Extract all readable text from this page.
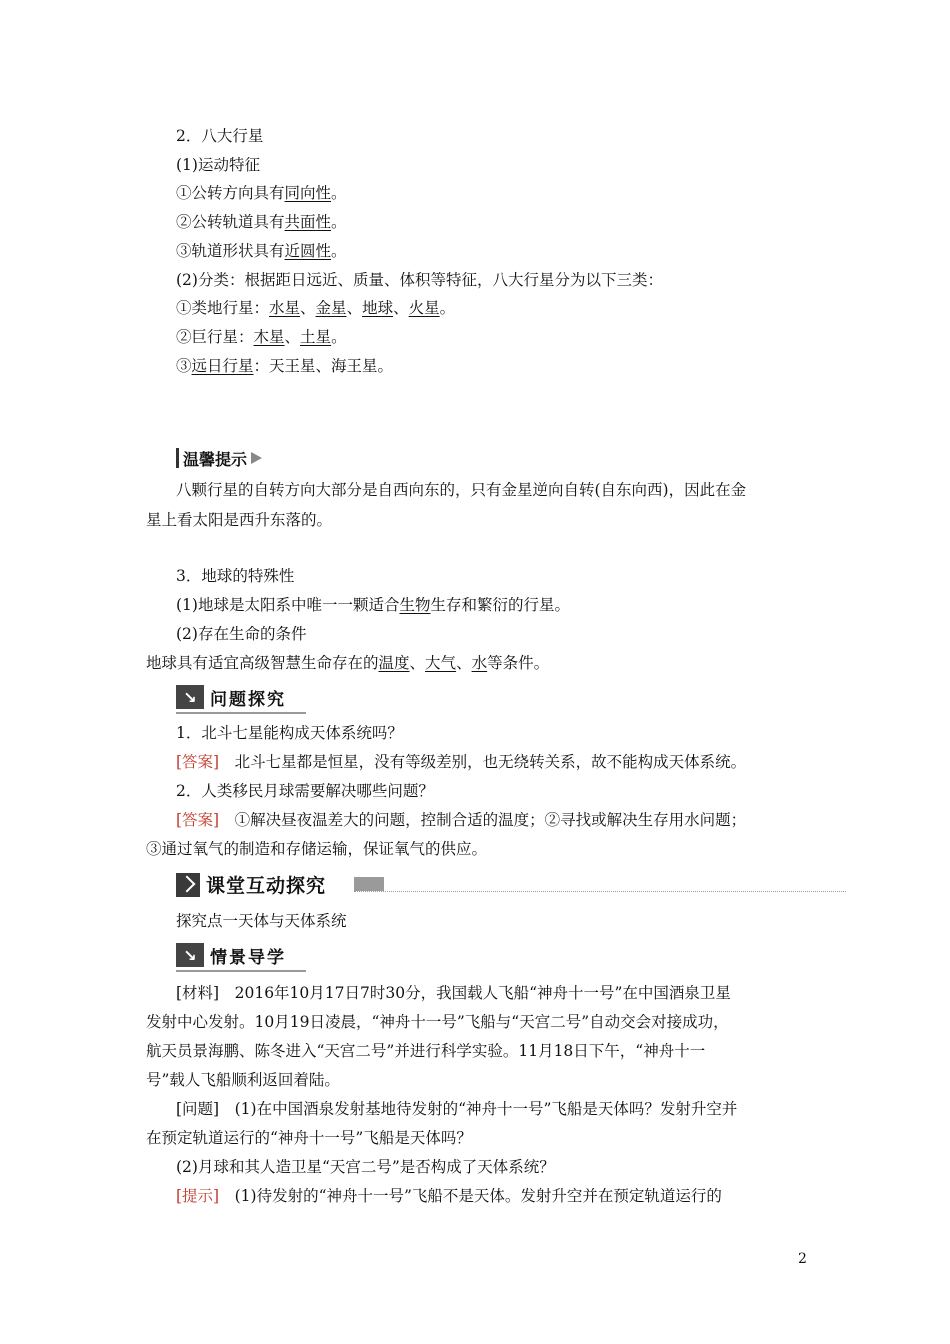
2．八大行星
(1)运动特征
①公转方向具有同向性。
②公转轨道具有共面性。
③轨道形状具有近圆性。
(2)分类：根据距日远近、质量、体积等特征，八大行星分为以下三类：
①类地行星：水星、金星、地球、火星。
②巨行星：木星、土星。
③远日行星：天王星、海王星。
温馨提示
八颗行星的自转方向大部分是自西向东的，只有金星逆向自转(自东向西)，因此在金
星上看太阳是西升东落的。
3．地球的特殊性
(1)地球是太阳系中唯一一颗适合生物生存和繁衍的行星。
(2)存在生命的条件
地球具有适宜高级智慧生命存在的温度、大气、水等条件。
↘ 问题探究
1．北斗七星能构成天体系统吗？
[答案]　北斗七星都是恒星，没有等级差别，也无绕转关系，故不能构成天体系统。
2．人类移民月球需要解决哪些问题？
[答案]　①解决昼夜温差大的问题，控制合适的温度；②寻找或解决生存用水问题；
③通过氧气的制造和存储运输，保证氧气的供应。
课堂互动探究
探究点一天体与天体系统
↘ 情景导学
[材料]　2016年10月17日7时30分，我国载人飞船“神舟十一号”在中国酒泉卫星
发射中心发射。10月19日凌晨，“神舟十一号”飞船与“天宫二号”自动交会对接成功，
航天员景海鹏、陈冬进入“天宫二号”并进行科学实验。11月18日下午，“神舟十一
号”载人飞船顺利返回着陆。
[问题]　(1)在中国酒泉发射基地待发射的“神舟十一号”飞船是天体吗？发射升空并
在预定轨道运行的“神舟十一号”飞船是天体吗？
(2)月球和其人造卫星“天宫二号”是否构成了天体系统？
[提示]　(1)待发射的“神舟十一号”飞船不是天体。发射升空并在预定轨道运行的
2
